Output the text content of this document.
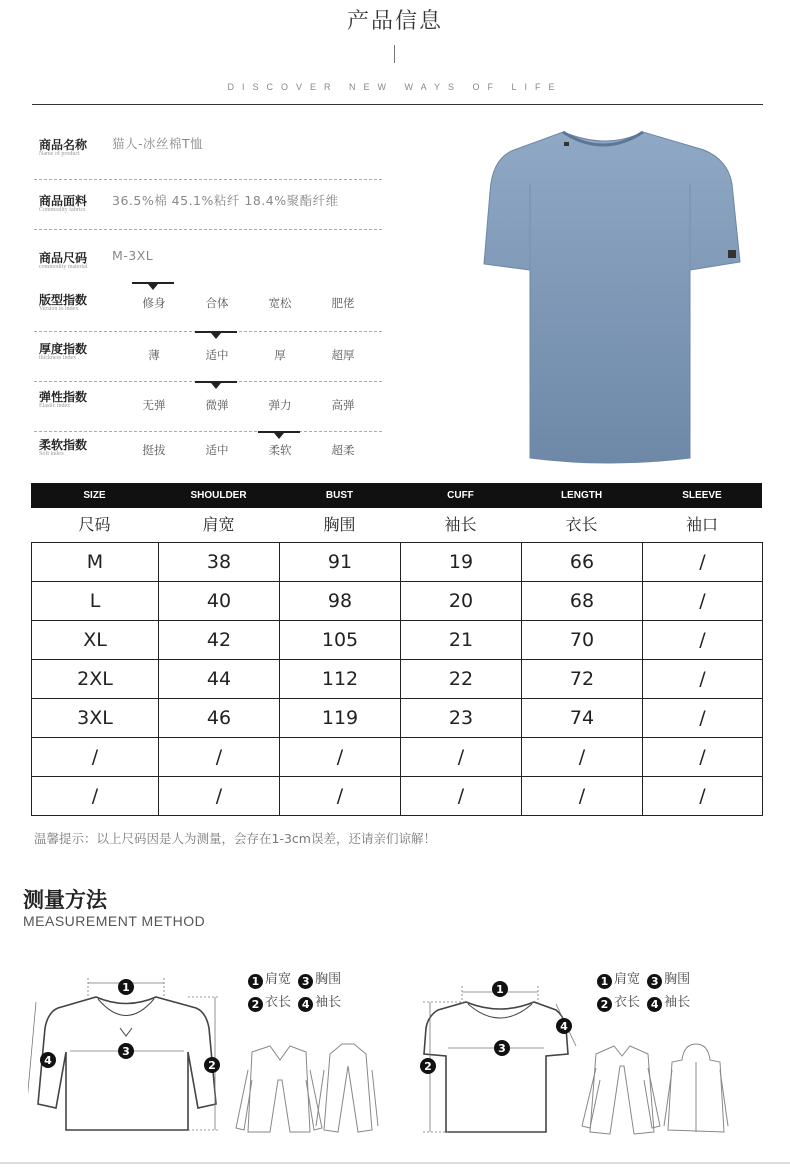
产品信息
DISCOVER NEW WAYS OF LIFE
商品名称
Name of product
猫人-冰丝棉T恤
商品面料
Commodity fabrics
36.5%棉 45.1%粘纤 18.4%聚酯纤维
商品尺码
commodity material
M-3XL
版型指数
Version to index	修身	合体	宽松	肥佬
厚度指数
thickness index	薄	适中	厚	超厚
弹性指数
Elastic index	无弹	微弹	弹力	高弹
柔软指数
Soft index	挺拔	适中	柔软	超柔
SIZE	SHOULDER	BUST	CUFF	LENGTH	SLEEVE
尺码	肩宽	胸围	袖长	衣长	袖口
M	38	91	19	66	/
L	40	98	20	68	/
XL	42	105	21	70	/
2XL	44	112	22	72	/
3XL	46	119	23	74	/
/	/	/	/	/	/
/	/	/	/	/	/
温馨提示：以上尺码因是人为测量，会存在1-3cm误差，还请亲们谅解！
测量方法
MEASUREMENT METHOD
1
3
2
4
1 肩宽 3 胸围
2 衣长 4 袖长
1
3
2
4
1 肩宽 3 胸围
2 衣长 4 袖长
